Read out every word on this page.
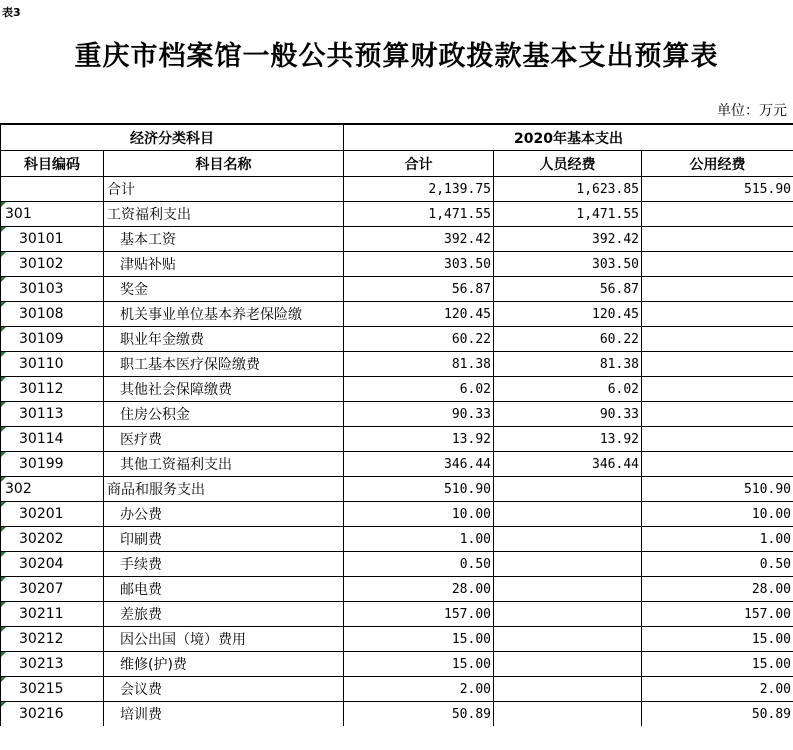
表3
重庆市档案馆一般公共预算财政拨款基本支出预算表
单位：万元
经济分类科目		2020年基本支出		
科目编码	科目名称	合计	人员经费	公用经费
	合计	2,139.75	1,623.85	515.90
301	工资福利支出	1,471.55	1,471.55	
30101	基本工资	392.42	392.42	
30102	津贴补贴	303.50	303.50	
30103	奖金	56.87	56.87	
30108	机关事业单位基本养老保险缴	120.45	120.45	
30109	职业年金缴费	60.22	60.22	
30110	职工基本医疗保险缴费	81.38	81.38	
30112	其他社会保障缴费	6.02	6.02	
30113	住房公积金	90.33	90.33	
30114	医疗费	13.92	13.92	
30199	其他工资福利支出	346.44	346.44	
302	商品和服务支出	510.90		510.90
30201	办公费	10.00		10.00
30202	印刷费	1.00		1.00
30204	手续费	0.50		0.50
30207	邮电费	28.00		28.00
30211	差旅费	157.00		157.00
30212	因公出国（境）费用	15.00		15.00
30213	维修(护)费	15.00		15.00
30215	会议费	2.00		2.00
30216	培训费	50.89		50.89
